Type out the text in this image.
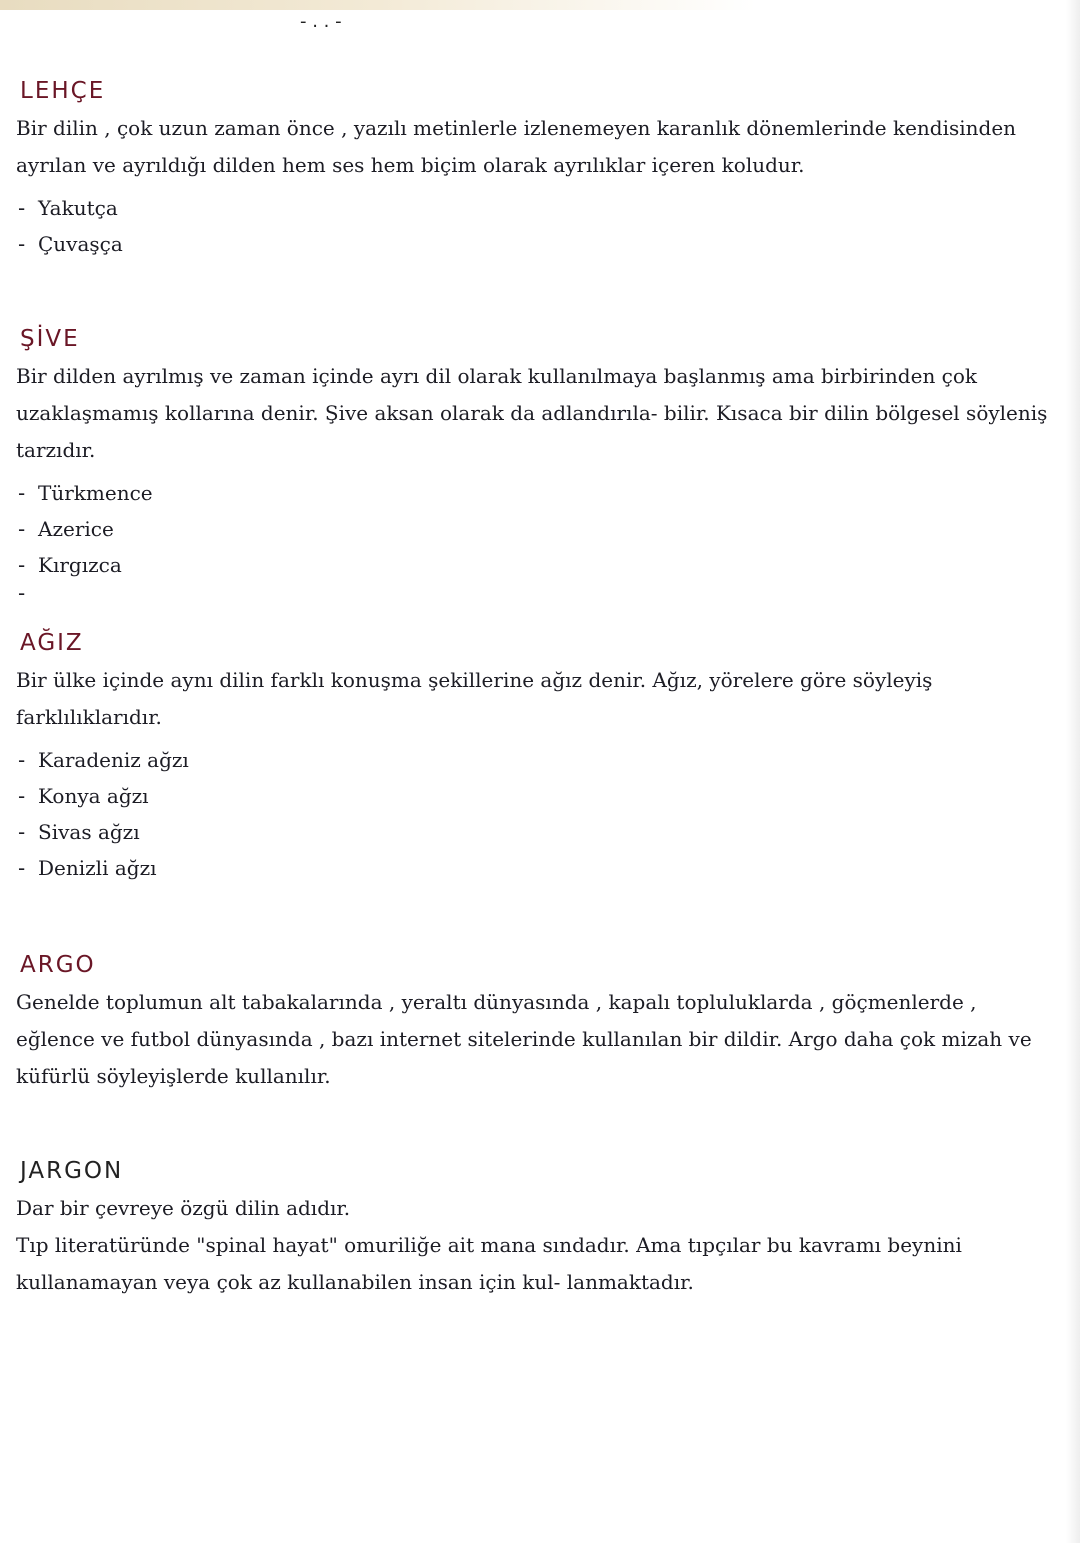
- . . -
LEHÇE

Bir dilin , çok uzun zaman önce , yazılı metinlerle izlenemeyen karanlık dönemlerinde kendisinden ayrılan ve ayrıldığı dilden hem ses hem biçim olarak ayrılıklar içeren koludur.

- Yakutça
- Çuvaşça
ŞİVE

Bir dilden ayrılmış ve zaman içinde ayrı dil olarak kullanılmaya başlanmış ama birbirinden çok uzaklaşmamış kollarına denir. Şive aksan olarak da adlandırıla- bilir. Kısaca bir dilin bölgesel söyleniş tarzıdır.

- Türkmence
- Azerice
- Kırgızca
-
AĞIZ

Bir ülke içinde aynı dilin farklı konuşma şekillerine ağız denir. Ağız, yörelere göre söyleyiş farklılıklarıdır.

- Karadeniz ağzı
- Konya ağzı
- Sivas ağzı
- Denizli ağzı
ARGO

Genelde toplumun alt tabakalarında , yeraltı dünyasında , kapalı topluluklarda , göçmenlerde , eğlence ve futbol dünyasında , bazı internet sitelerinde kullanılan bir dildir. Argo daha çok mizah ve küfürlü söyleyişlerde kullanılır.

JARGON

Dar bir çevreye özgü dilin adıdır.

Tıp literatüründe "spinal hayat" omuriliğe ait mana sındadır. Ama tıpçılar bu kavramı beynini kullanamayan veya çok az kullanabilen insan için kul- lanmaktadır.
